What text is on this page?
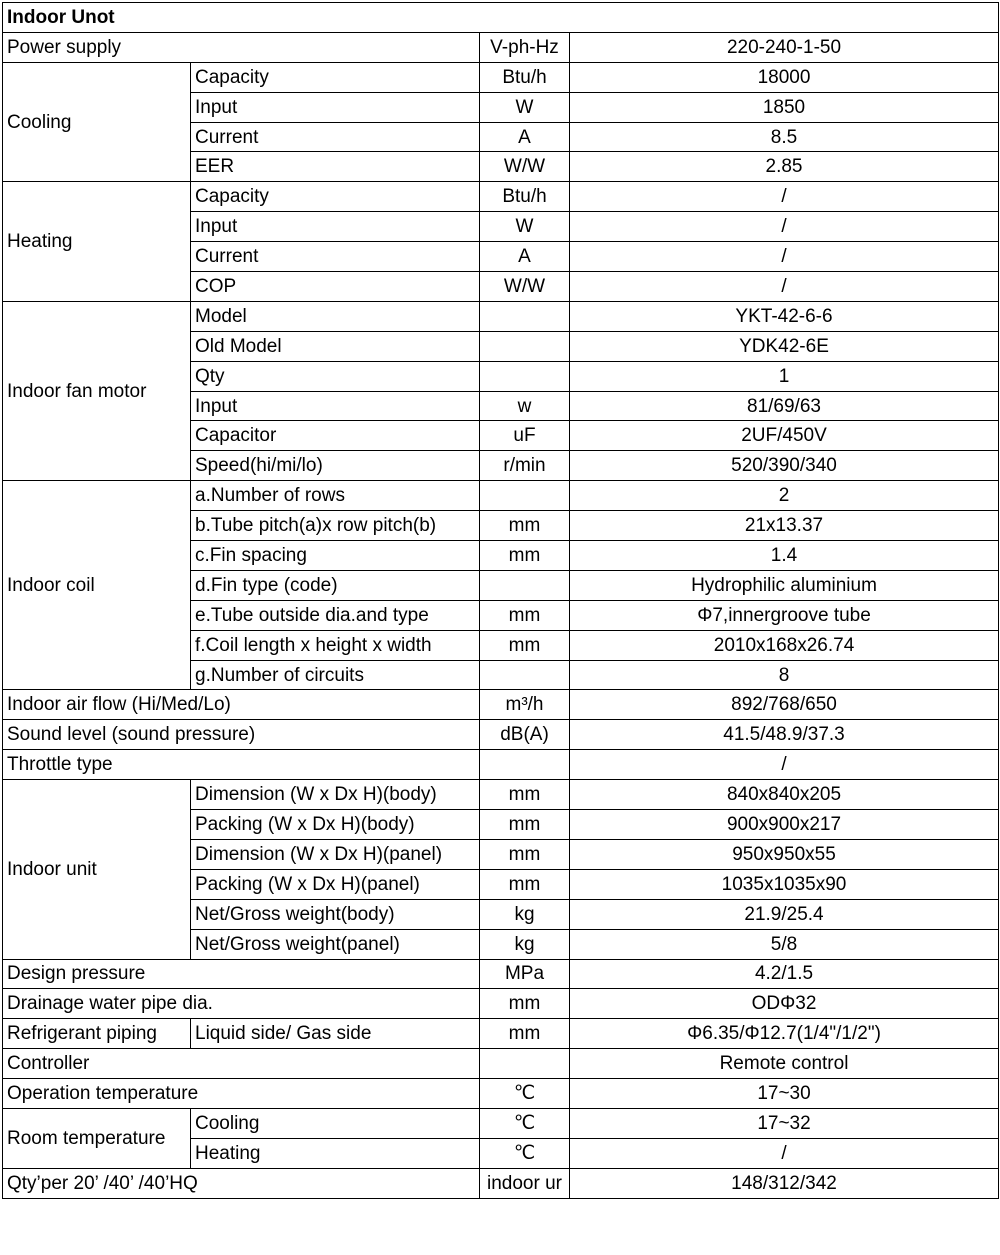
Indoor Unot			
Power supply		V-ph-Hz	220-240-1-50
Cooling	Capacity	Btu/h	18000
	Input	W	1850
	Current	A	8.5
	EER	W/W	2.85
Heating	Capacity	Btu/h	/
	Input	W	/
	Current	A	/
	COP	W/W	/
Indoor fan motor	Model		YKT-42-6-6
	Old Model		YDK42-6E
	Qty		1
	Input	w	81/69/63
	Capacitor	uF	2UF/450V
	Speed(hi/mi/lo)	r/min	520/390/340
Indoor coil	a.Number of rows		2
	b.Tube pitch(a)x row pitch(b)	mm	21x13.37
	c.Fin spacing	mm	1.4
	d.Fin type (code)		Hydrophilic aluminium
	e.Tube outside dia.and type	mm	Φ7,innergroove tube
	f.Coil length x height x width	mm	2010x168x26.74
	g.Number of circuits		8
Indoor air flow (Hi/Med/Lo)		m³/h	892/768/650
Sound level (sound pressure)		dB(A)	41.5/48.9/37.3
Throttle type			/
Indoor unit	Dimension (W x Dx H)(body)	mm	840x840x205
	Packing (W x Dx H)(body)	mm	900x900x217
	Dimension (W x Dx H)(panel)	mm	950x950x55
	Packing (W x Dx H)(panel)	mm	1035x1035x90
	Net/Gross weight(body)	kg	21.9/25.4
	Net/Gross weight(panel)	kg	5/8
Design pressure		MPa	4.2/1.5
Drainage water pipe dia.		mm	ODΦ32
Refrigerant piping	Liquid side/ Gas side	mm	Φ6.35/Φ12.7(1/4"/1/2")
Controller			Remote control
Operation temperature		℃	17~30
Room temperature	Cooling	℃	17~32
	Heating	℃	/
Qty’per 20’ /40’ /40’HQ		indoor ur	148/312/342
